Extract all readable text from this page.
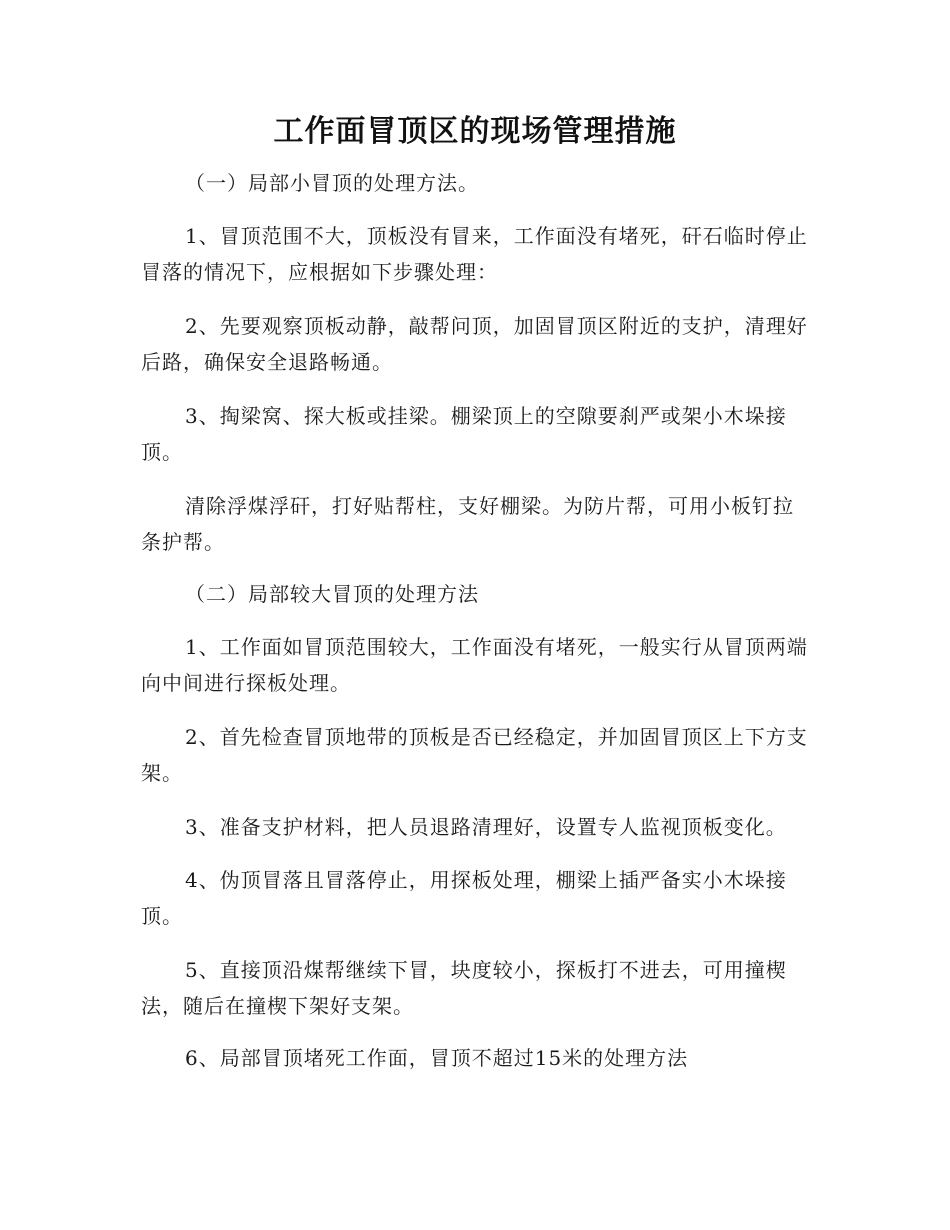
工作面冒顶区的现场管理措施
（一）局部小冒顶的处理方法。
1、冒顶范围不大，顶板没有冒来，工作面没有堵死，矸石临时停止冒落的情况下，应根据如下步骤处理：
2、先要观察顶板动静，敲帮问顶，加固冒顶区附近的支护，清理好后路，确保安全退路畅通。
3、掏梁窝、探大板或挂梁。棚梁顶上的空隙要刹严或架小木垛接顶。
清除浮煤浮矸，打好贴帮柱，支好棚梁。为防片帮，可用小板钉拉条护帮。
（二）局部较大冒顶的处理方法
1、工作面如冒顶范围较大，工作面没有堵死，一般实行从冒顶两端向中间进行探板处理。
2、首先检查冒顶地带的顶板是否已经稳定，并加固冒顶区上下方支架。
3、准备支护材料，把人员退路清理好，设置专人监视顶板变化。
4、伪顶冒落且冒落停止，用探板处理，棚梁上插严备实小木垛接顶。
5、直接顶沿煤帮继续下冒，块度较小，探板打不进去，可用撞楔法，随后在撞楔下架好支架。
6、局部冒顶堵死工作面，冒顶不超过15米的处理方法
